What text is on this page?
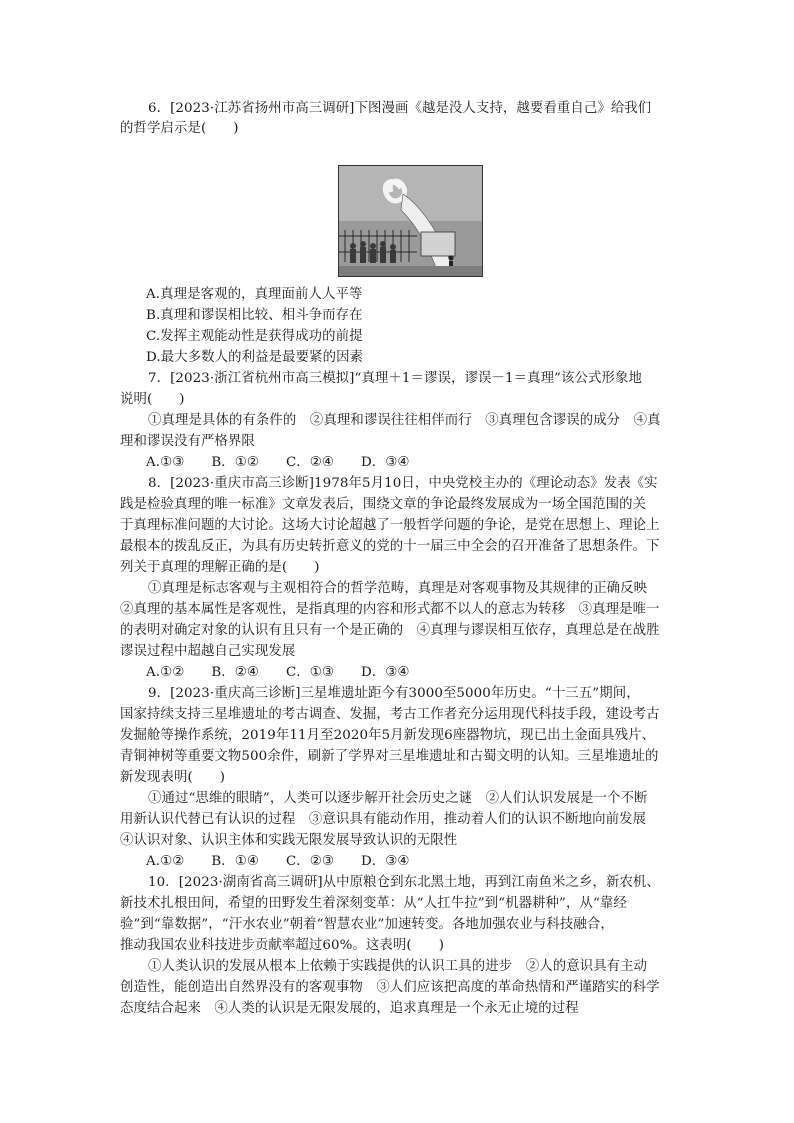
6．[2023·江苏省扬州市高三调研]下图漫画《越是没人支持，越要看重自己》给我们
的哲学启示是(　　)
A.真理是客观的，真理面前人人平等
B.真理和谬误相比较、相斗争而存在
C.发挥主观能动性是获得成功的前提
D.最大多数人的利益是最要紧的因素
7．[2023·浙江省杭州市高三模拟]“真理＋1＝谬误，谬误－1＝真理”该公式形象地
说明(　　)
①真理是具体的有条件的　②真理和谬误往往相伴而行　③真理包含谬误的成分　④真
理和谬误没有严格界限
A.①③　　B．①②　　C．②④　　D．③④
8．[2023·重庆市高三诊断]1978年5月10日，中央党校主办的《理论动态》发表《实
践是检验真理的唯一标准》文章发表后，围绕文章的争论最终发展成为一场全国范围的关
于真理标准问题的大讨论。这场大讨论超越了一般哲学问题的争论，是党在思想上、理论上
最根本的拨乱反正，为具有历史转折意义的党的十一届三中全会的召开准备了思想条件。下
列关于真理的理解正确的是(　　)
①真理是标志客观与主观相符合的哲学范畴，真理是对客观事物及其规律的正确反映
②真理的基本属性是客观性，是指真理的内容和形式都不以人的意志为转移　③真理是唯一
的表明对确定对象的认识有且只有一个是正确的　④真理与谬误相互依存，真理总是在战胜
谬误过程中超越自己实现发展
A.①②　　B．②④　　C．①③　　D．③④
9．[2023·重庆高三诊断]三星堆遗址距今有3000至5000年历史。“十三五”期间，
国家持续支持三星堆遗址的考古调查、发掘，考古工作者充分运用现代科技手段，建设考古
发掘舱等操作系统，2019年11月至2020年5月新发现6座器物坑，现已出土金面具残片、
青铜神树等重要文物500余件，刷新了学界对三星堆遗址和古蜀文明的认知。三星堆遗址的
新发现表明(　　)
①通过“思维的眼睛”，人类可以逐步解开社会历史之谜　②人们认识发展是一个不断
用新认识代替已有认识的过程　③意识具有能动作用，推动着人们的认识不断地向前发展
④认识对象、认识主体和实践无限发展导致认识的无限性
A.①②　　B．①④　　C．②③　　D．③④
10．[2023·湖南省高三调研]从中原粮仓到东北黑土地，再到江南鱼米之乡，新农机、
新技术扎根田间，希望的田野发生着深刻变革：从“人扛牛拉”到“机器耕种”，从“靠经
验”到“靠数据”，“汗水农业”朝着“智慧农业”加速转变。各地加强农业与科技融合，
推动我国农业科技进步贡献率超过60%。这表明(　　)
①人类认识的发展从根本上依赖于实践提供的认识工具的进步　②人的意识具有主动
创造性，能创造出自然界没有的客观事物　③人们应该把高度的革命热情和严谨踏实的科学
态度结合起来　④人类的认识是无限发展的，追求真理是一个永无止境的过程
